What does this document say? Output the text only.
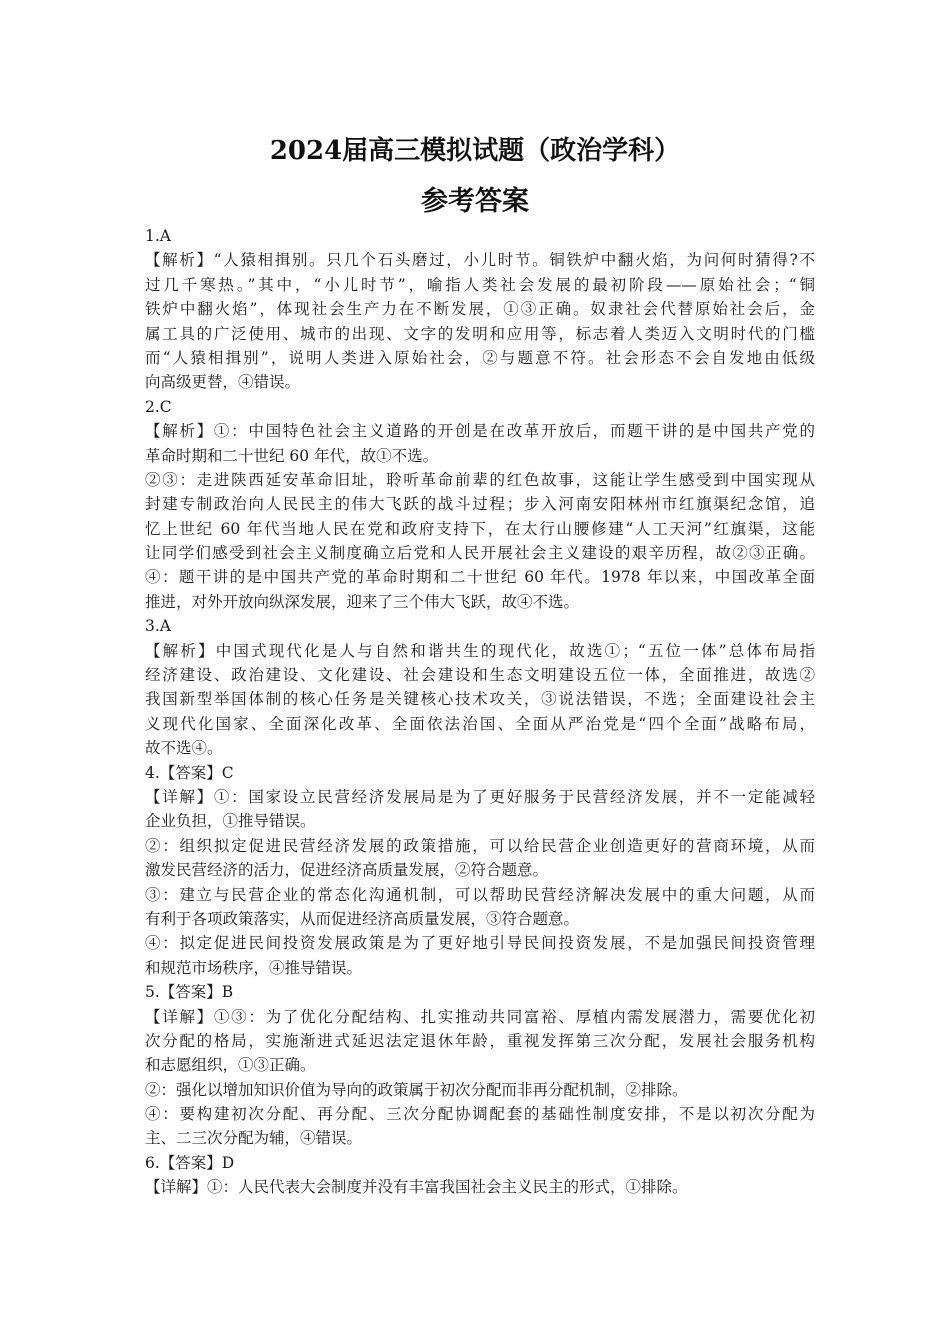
2024届高三模拟试题（政治学科）
参考答案
1.A
【解析】“人猿相揖别。只几个石头磨过，小儿时节。铜铁炉中翻火焰，为问何时猜得?不
过几千寒热。”其中，“小儿时节”，喻指人类社会发展的最初阶段——原始社会；“铜
铁炉中翻火焰”，体现社会生产力在不断发展，①③正确。奴隶社会代替原始社会后，金
属工具的广泛使用、城市的出现、文字的发明和应用等，标志着人类迈入文明时代的门槛
而“人猿相揖别”，说明人类进入原始社会，②与题意不符。社会形态不会自发地由低级
向高级更替，④错误。
2.C
【解析】①：中国特色社会主义道路的开创是在改革开放后，而题干讲的是中国共产党的
革命时期和二十世纪 60 年代，故①不选。
②③：走进陕西延安革命旧址，聆听革命前辈的红色故事，这能让学生感受到中国实现从
封建专制政治向人民民主的伟大飞跃的战斗过程；步入河南安阳林州市红旗渠纪念馆，追
忆上世纪 60 年代当地人民在党和政府支持下，在太行山腰修建“人工天河”红旗渠，这能
让同学们感受到社会主义制度确立后党和人民开展社会主义建设的艰辛历程，故②③正确。
④：题干讲的是中国共产党的革命时期和二十世纪 60 年代。1978 年以来，中国改革全面
推进，对外开放向纵深发展，迎来了三个伟大飞跃，故④不选。
3.A
【解析】中国式现代化是人与自然和谐共生的现代化，故选①；“五位一体”总体布局指
经济建设、政治建设、文化建设、社会建设和生态文明建设五位一体，全面推进，故选②
我国新型举国体制的核心任务是关键核心技术攻关，③说法错误，不选；全面建设社会主
义现代化国家、全面深化改革、全面依法治国、全面从严治党是“四个全面”战略布局，
故不选④。
4.【答案】C
【详解】①：国家设立民营经济发展局是为了更好服务于民营经济发展，并不一定能减轻
企业负担，①推导错误。
②：组织拟定促进民营经济发展的政策措施，可以给民营企业创造更好的营商环境，从而
激发民营经济的活力，促进经济高质量发展，②符合题意。
③：建立与民营企业的常态化沟通机制，可以帮助民营经济解决发展中的重大问题，从而
有利于各项政策落实，从而促进经济高质量发展，③符合题意。
④：拟定促进民间投资发展政策是为了更好地引导民间投资发展，不是加强民间投资管理
和规范市场秩序，④推导错误。
5.【答案】B
【详解】①③：为了优化分配结构、扎实推动共同富裕、厚植内需发展潜力，需要优化初
次分配的格局，实施渐进式延迟法定退休年龄，重视发挥第三次分配，发展社会服务机构
和志愿组织，①③正确。
②：强化以增加知识价值为导向的政策属于初次分配而非再分配机制，②排除。
④：要构建初次分配、再分配、三次分配协调配套的基础性制度安排，不是以初次分配为
主、二三次分配为辅，④错误。
6.【答案】D
【详解】①：人民代表大会制度并没有丰富我国社会主义民主的形式，①排除。
